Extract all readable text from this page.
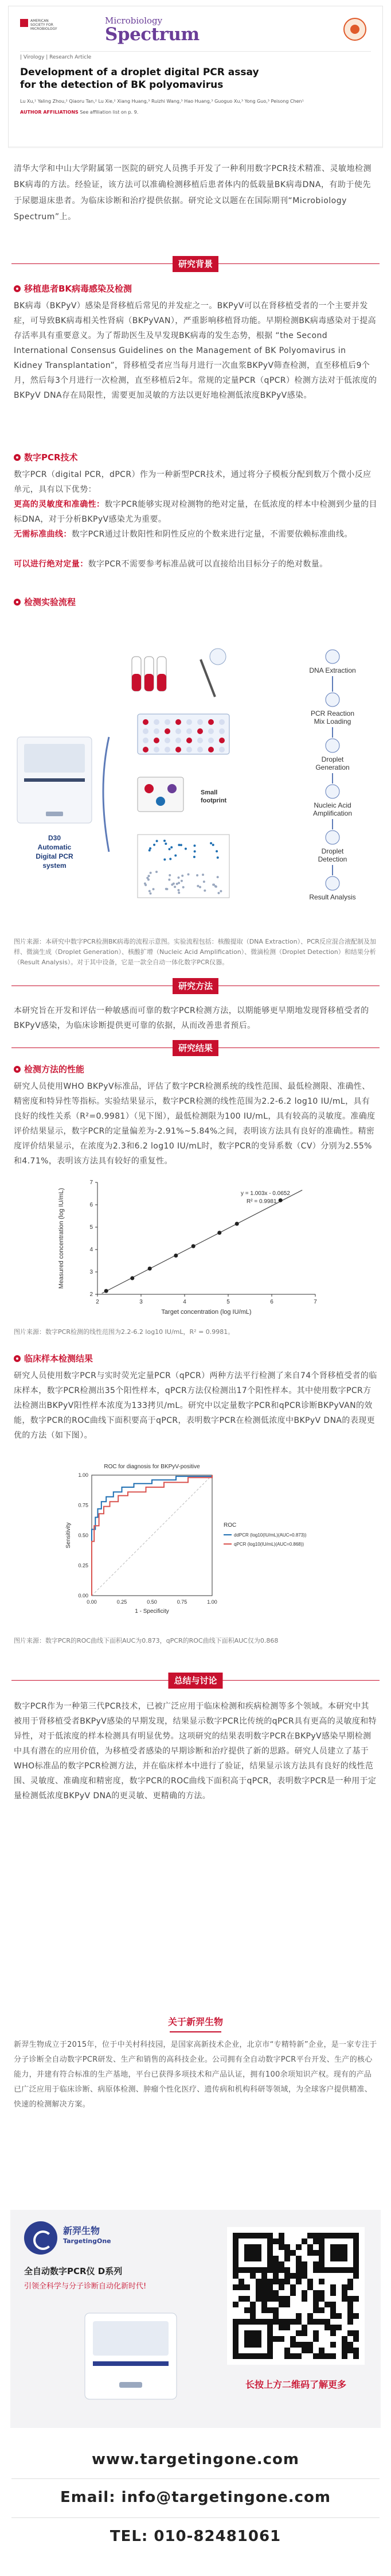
AMERICAN SOCIETY FOR MICROBIOLOGY
Microbiology
Spectrum
| Virology | Research Article
Development of a droplet digital PCR assay for the detection of BK polyomavirus
Lu Xu,¹ Yaling Zhou,² Qiaoru Tan,² Lu Xie,² Xiang Huang,³ Ruizhi Wang,³ Hao Huang,³ Guoguo Xu,³ Yong Guo,³ Peisong Chen¹
AUTHOR AFFILIATIONS See affiliation list on p. 9.
清华大学和中山大学附属第一医院的研究人员携手开发了一种利用数字PCR技术精准、灵敏地检测BK病毒的方法。经验证，该方法可以准确检测移植后患者体内的低载量BK病毒DNA，有助于使先于尿腮退床患者。为临床诊断和治疗提供依据。研究论文以题在在国际期刊“Microbiology Spectrum”上。
研究背景
移植患者BK病毒感染及检测
BK病毒（BKPyV）感染是肾移植后常见的并发症之一。BKPyV可以在肾移植受者的一个主要并发症，可导致BK病毒相关性肾病（BKPyVAN），严重影响移植肾功能。早期检测BK病毒感染对于提高存活率具有重要意义。为了帮助医生及早发现BK病毒的发生态势，根据 “the Second International Consensus Guidelines on the Management of BK Polyomavirus in Kidney Transplantation”，肾移植受者应当每月进行一次血浆BKPyV筛查检测，直至移植后9个月，然后每3个月进行一次检测，直至移植后2年。常规的定量PCR（qPCR）检测方法对于低浓度的BKPyV DNA存在局限性，需要更加灵敏的方法以更好地检测低浓度BKPyV感染。
数字PCR技术
数字PCR（digital PCR，dPCR）作为一种新型PCR技术，通过将分子模板分配到数万个微小反应单元，具有以下优势：
更高的灵敏度和准确性：数字PCR能够实现对检测物的绝对定量，在低浓度的样本中检测到少量的目标DNA，对于分析BKPyV感染尤为重要。
无需标准曲线：数字PCR通过计数阳性和阴性反应的个数来进行定量，不需要依赖标准曲线。
可以进行绝对定量：数字PCR不需要参考标准品就可以直接给出目标分子的绝对数量。
检测实验流程
D30
Automatic
Digital PCR
system
Small
footprint
DNA Extraction
PCR Reaction
Mix Loading
Droplet
Generation
Nucleic Acid
Amplification
Droplet
Detection
Result Analysis
图片来源：本研究中数字PCR检测BK病毒的流程示意图。实验流程包括：核酸提取（DNA Extraction）、PCR反应混合液配制及加样、微滴生成（Droplet Generation）、核酸扩增（Nucleic Acid Amplification）、微滴检测（Droplet Detection）和结果分析（Result Analysis）。对于其中设备，它是一款全自动一体化数字PCR仪器。
研究方法
本研究旨在开发和评估一种敏感而可靠的数字PCR检测方法，以期能够更早期地发现肾移植受者的BKPyV感染，为临床诊断提供更可靠的依据，从而改善患者预后。
研究结果
检测方法的性能
研究人员使用WHO BKPyV标准品，评估了数字PCR检测系统的线性范围、最低检测限、准确性、精密度和特异性等指标。实验结果显示，数字PCR检测的线性范围为2.2-6.2 log10 IU/mL，具有良好的线性关系（R²=0.9981）（见下图），最低检测限为100 IU/mL，具有较高的灵敏度。准确度评价结果显示，数字PCR的定量偏差为-2.91%~5.84%之间，表明该方法具有良好的准确性。精密度评价结果显示，在浓度为2.3和6.2 log10 IU/mL时，数字PCR的变异系数（CV）分别为2.55%和4.71%，表明该方法具有较好的重复性。
2	3	4	5	6	7
2
3
4
5
6
7
y = 1.003x - 0.0652
R² = 0.9981
Target concentration (log IU/mL)
Measured concentration (log IU/mL)
图片来源：数字PCR检测的线性范围为2.2-6.2 log10 IU/mL，R² = 0.9981。
临床样本检测结果
研究人员使用数字PCR与实时荧光定量PCR（qPCR）两种方法平行检测了来自74个肾移植受者的临床样本，数字PCR检测出35个阳性样本，qPCR方法仅检测出17个阳性样本。其中使用数字PCR方法检测出BKPyV阳性样本浓度为133拷贝/mL。研究中以定量数字PCR和qPCR诊断BKPyVAN的效能，数字PCR的ROC曲线下面积要高于qPCR，表明数字PCR在检测低浓度中BKPyV DNA的表现更优的方法（如下图）。
ROC for diagnosis for BKPyV-positive
0.00	0.25	0.50	0.75	1.00
0.00
0.25
0.50
0.75
1.00
ROC
ddPCR (log10(IU/mL)(AUC=0.873))
qPCR (log10(IU/mL)(AUC=0.868))
1 - Specificity
Sensitivity
图片来源：数字PCR的ROC曲线下面积AUC为0.873，qPCR的ROC曲线下面积AUC仅为0.868
总结与讨论
数字PCR作为一种第三代PCR技术，已被广泛应用于临床检测和疾病检测等多个领域。本研究中其被用于肾移植受者BKPyV感染的早期发现，结果显示数字PCR比传统的qPCR具有更高的灵敏度和特异性，对于低浓度的样本检测具有明显优势。这项研究的结果表明数字PCR在BKPyV感染早期检测中具有潜在的应用价值，为移植受者感染的早期诊断和治疗提供了新的思路。研究人员建立了基于WHO标准品的数字PCR检测方法，并在临床样本中进行了验证，结果显示该方法具有良好的线性范围、灵敏度、准确度和精密度，数字PCR的ROC曲线下面积高于qPCR，表明数字PCR是一种用于定量检测低浓度BKPyV DNA的更灵敏、更精确的方法。
关于新羿生物
新羿生物成立于2015年，位于中关村科技园，是国家高新技术企业，北京市“专精特新”企业，是一家专注于分子诊断全自动数字PCR研发、生产和销售的高科技企业。公司拥有全自动数字PCR平台开发、生产的核心能力，并建有符合标准的生产基地，平台已获得多项技术和产品认证，拥有100余项知识产权。现有的产品已广泛应用于临床诊断、病原体检测、肿瘤个性化医疗、遗传病和机构科研等领域，为全球客户提供精准、快速的检测解决方案。
新羿生物
TargetingOne
全自动数字PCR仪 D系列
引领全科学与分子诊断自动化新时代!
长按上方二维码了解更多
www.targetingone.com
Email: info@targetingone.com
TEL: 010-82481061
